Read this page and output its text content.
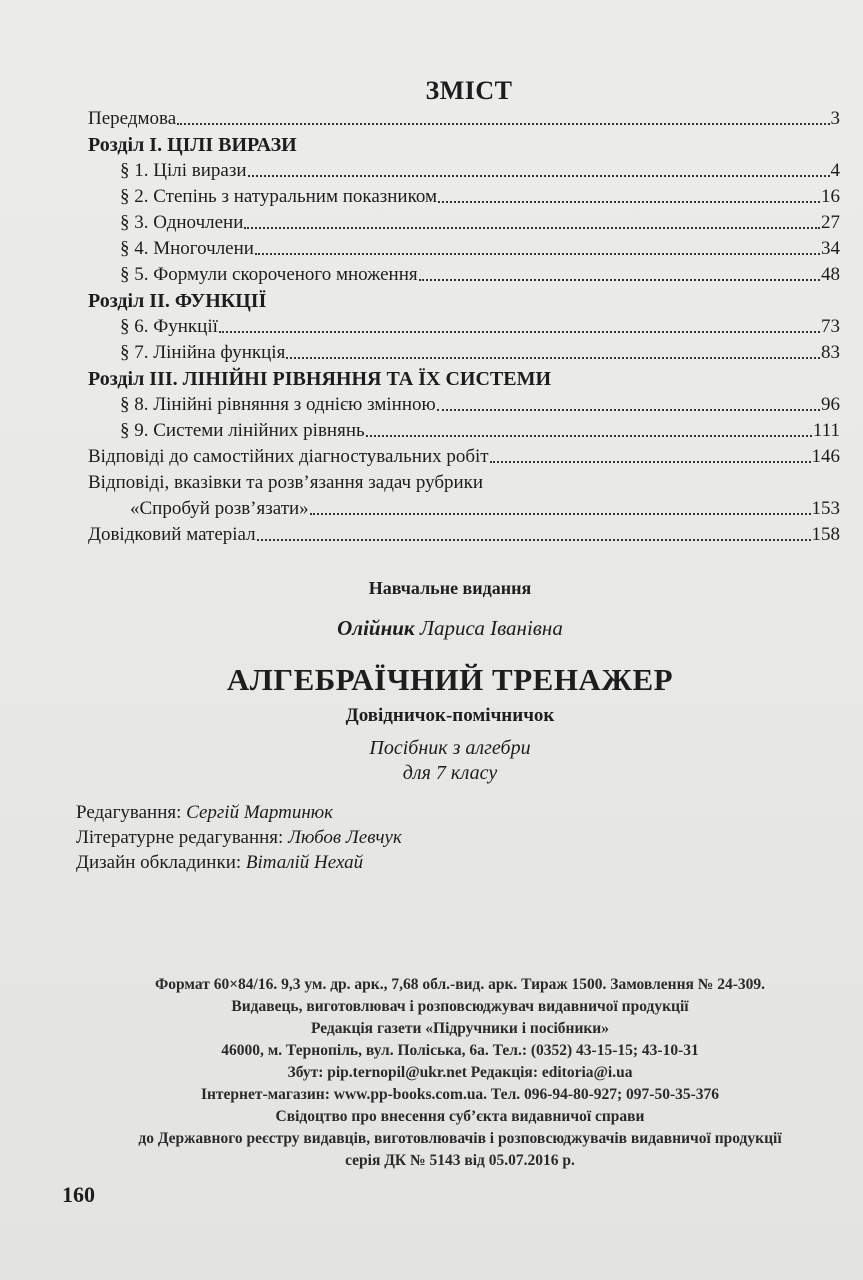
ЗМІСТ
Передмова	3
Розділ І. ЦІЛІ ВИРАЗИ
§ 1. Цілі вирази	4
§ 2. Степінь з натуральним показником	16
§ 3. Одночлени	27
§ 4. Многочлени	34
§ 5. Формули скороченого множення	48
Розділ ІІ. ФУНКЦІЇ
§ 6. Функції	73
§ 7. Лінійна функція	83
Розділ ІІІ. ЛІНІЙНІ РІВНЯННЯ ТА ЇХ СИСТЕМИ
§ 8. Лінійні рівняння з однією змінною	96
§ 9. Системи лінійних рівнянь	111
Відповіді до самостійних діагностувальних робіт	146
Відповіді, вказівки та розв’язання задач рубрики
«Спробуй розв’язати»	153
Довідковий матеріал	158
Навчальне видання
Олійник Лариса Іванівна
АЛГЕБРАЇЧНИЙ ТРЕНАЖЕР
Довідничок-помічничок
Посібник з алгебри
для 7 класу
Редагування: Сергій Мартинюк
Літературне редагування: Любов Левчук
Дизайн обкладинки: Віталій Нехай
Формат 60×84/16. 9,3 ум. др. арк., 7,68 обл.-вид. арк. Тираж 1500. Замовлення № 24-309.
Видавець, виготовлювач і розповсюджувач видавничої продукції
Редакція газети «Підручники і посібники»
46000, м. Тернопіль, вул. Поліська, 6а. Тел.: (0352) 43-15-15; 43-10-31
Збут: pip.ternopil@ukr.net Редакція: editoria@i.ua
Інтернет-магазин: www.pp-books.com.ua. Тел. 096-94-80-927; 097-50-35-376
Свідоцтво про внесення суб’єкта видавничої справи
до Державного реєстру видавців, виготовлювачів і розповсюджувачів видавничої продукції
серія ДК № 5143 від 05.07.2016 р.
160
